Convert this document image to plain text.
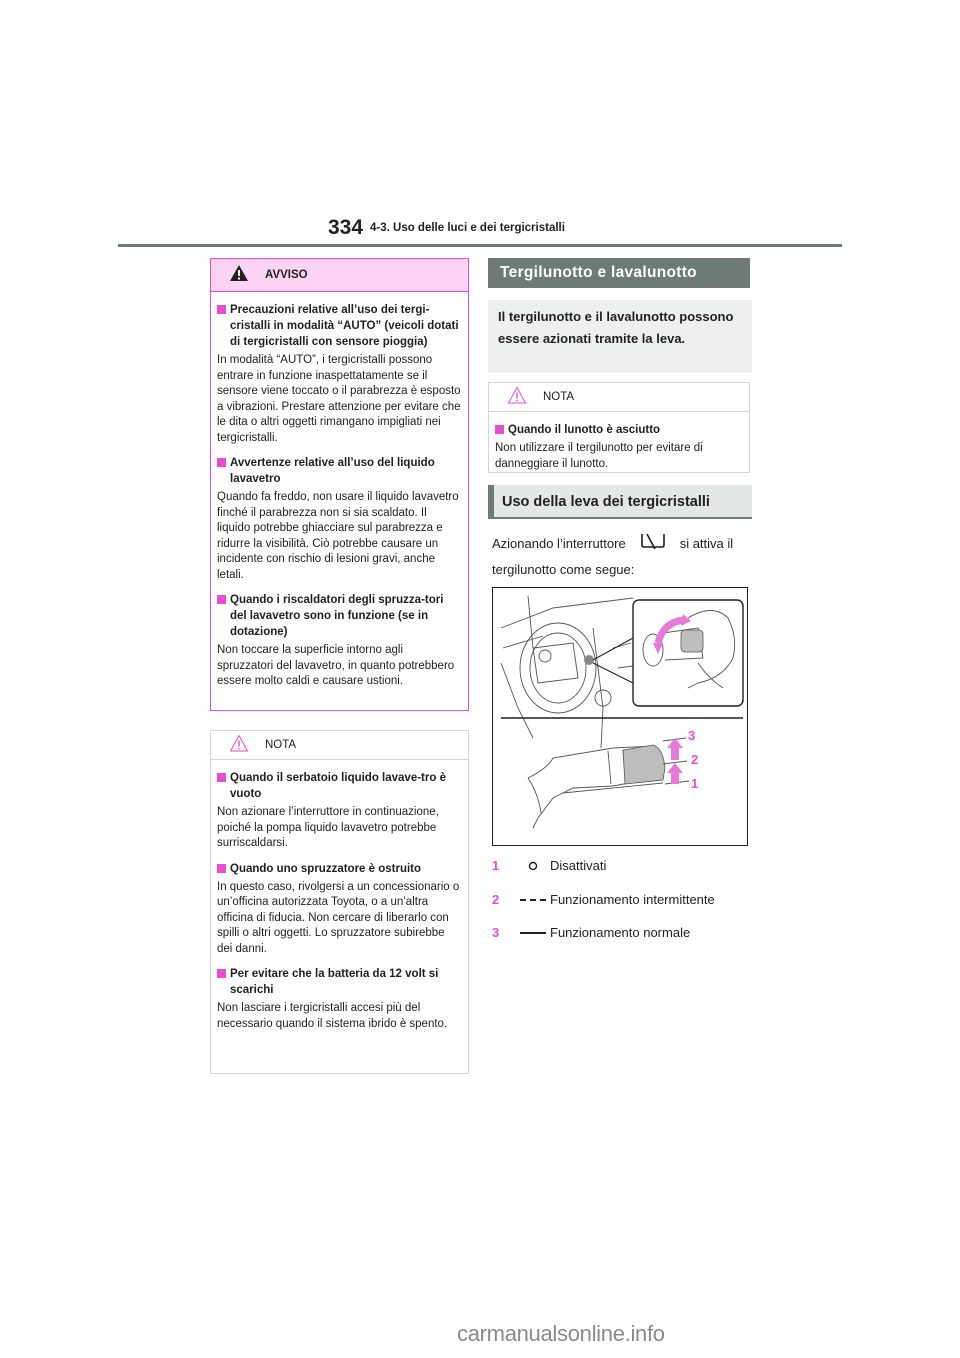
334 4-3. Uso delle luci e dei tergicristalli
AVVISO
Precauzioni relative all’uso dei tergi-cristalli in modalità “AUTO” (veicoli dotati di tergicristalli con sensore pioggia)
In modalità “AUTO”, i tergicristalli possono entrare in funzione inaspettatamente se il sensore viene toccato o il parabrezza è esposto a vibrazioni. Prestare attenzione per evitare che le dita o altri oggetti rimangano impigliati nei tergicristalli.
Avvertenze relative all’uso del liquido lavavetro
Quando fa freddo, non usare il liquido lavavetro finché il parabrezza non si sia scaldato. Il liquido potrebbe ghiacciare sul parabrezza e ridurre la visibilità. Ciò potrebbe causare un incidente con rischio di lesioni gravi, anche letali.
Quando i riscaldatori degli spruzza-tori del lavavetro sono in funzione (se in dotazione)
Non toccare la superficie intorno agli spruzzatori del lavavetro, in quanto potrebbero essere molto caldi e causare ustioni.
NOTA
Quando il serbatoio liquido lavave-tro è vuoto
Non azionare l’interruttore in continuazione, poiché la pompa liquido lavavetro potrebbe surriscaldarsi.
Quando uno spruzzatore è ostruito
In questo caso, rivolgersi a un concessionario o un’officina autorizzata Toyota, o a un’altra officina di fiducia. Non cercare di liberarlo con spilli o altri oggetti. Lo spruzzatore subirebbe dei danni.
Per evitare che la batteria da 12 volt si scarichi
Non lasciare i tergicristalli accesi più del necessario quando il sistema ibrido è spento.
Tergilunotto e lavalunotto
Il tergilunotto e il lavalunotto possono essere azionati tramite la leva.
NOTA
Quando il lunotto è asciutto
Non utilizzare il tergilunotto per evitare di danneggiare il lunotto.
Uso della leva dei tergicristalli
Azionando l’interruttore	si attiva il tergilunotto come segue:
3
2
1
1	Disattivati
2	Funzionamento intermittente
3	Funzionamento normale
carmanualsonline.info
